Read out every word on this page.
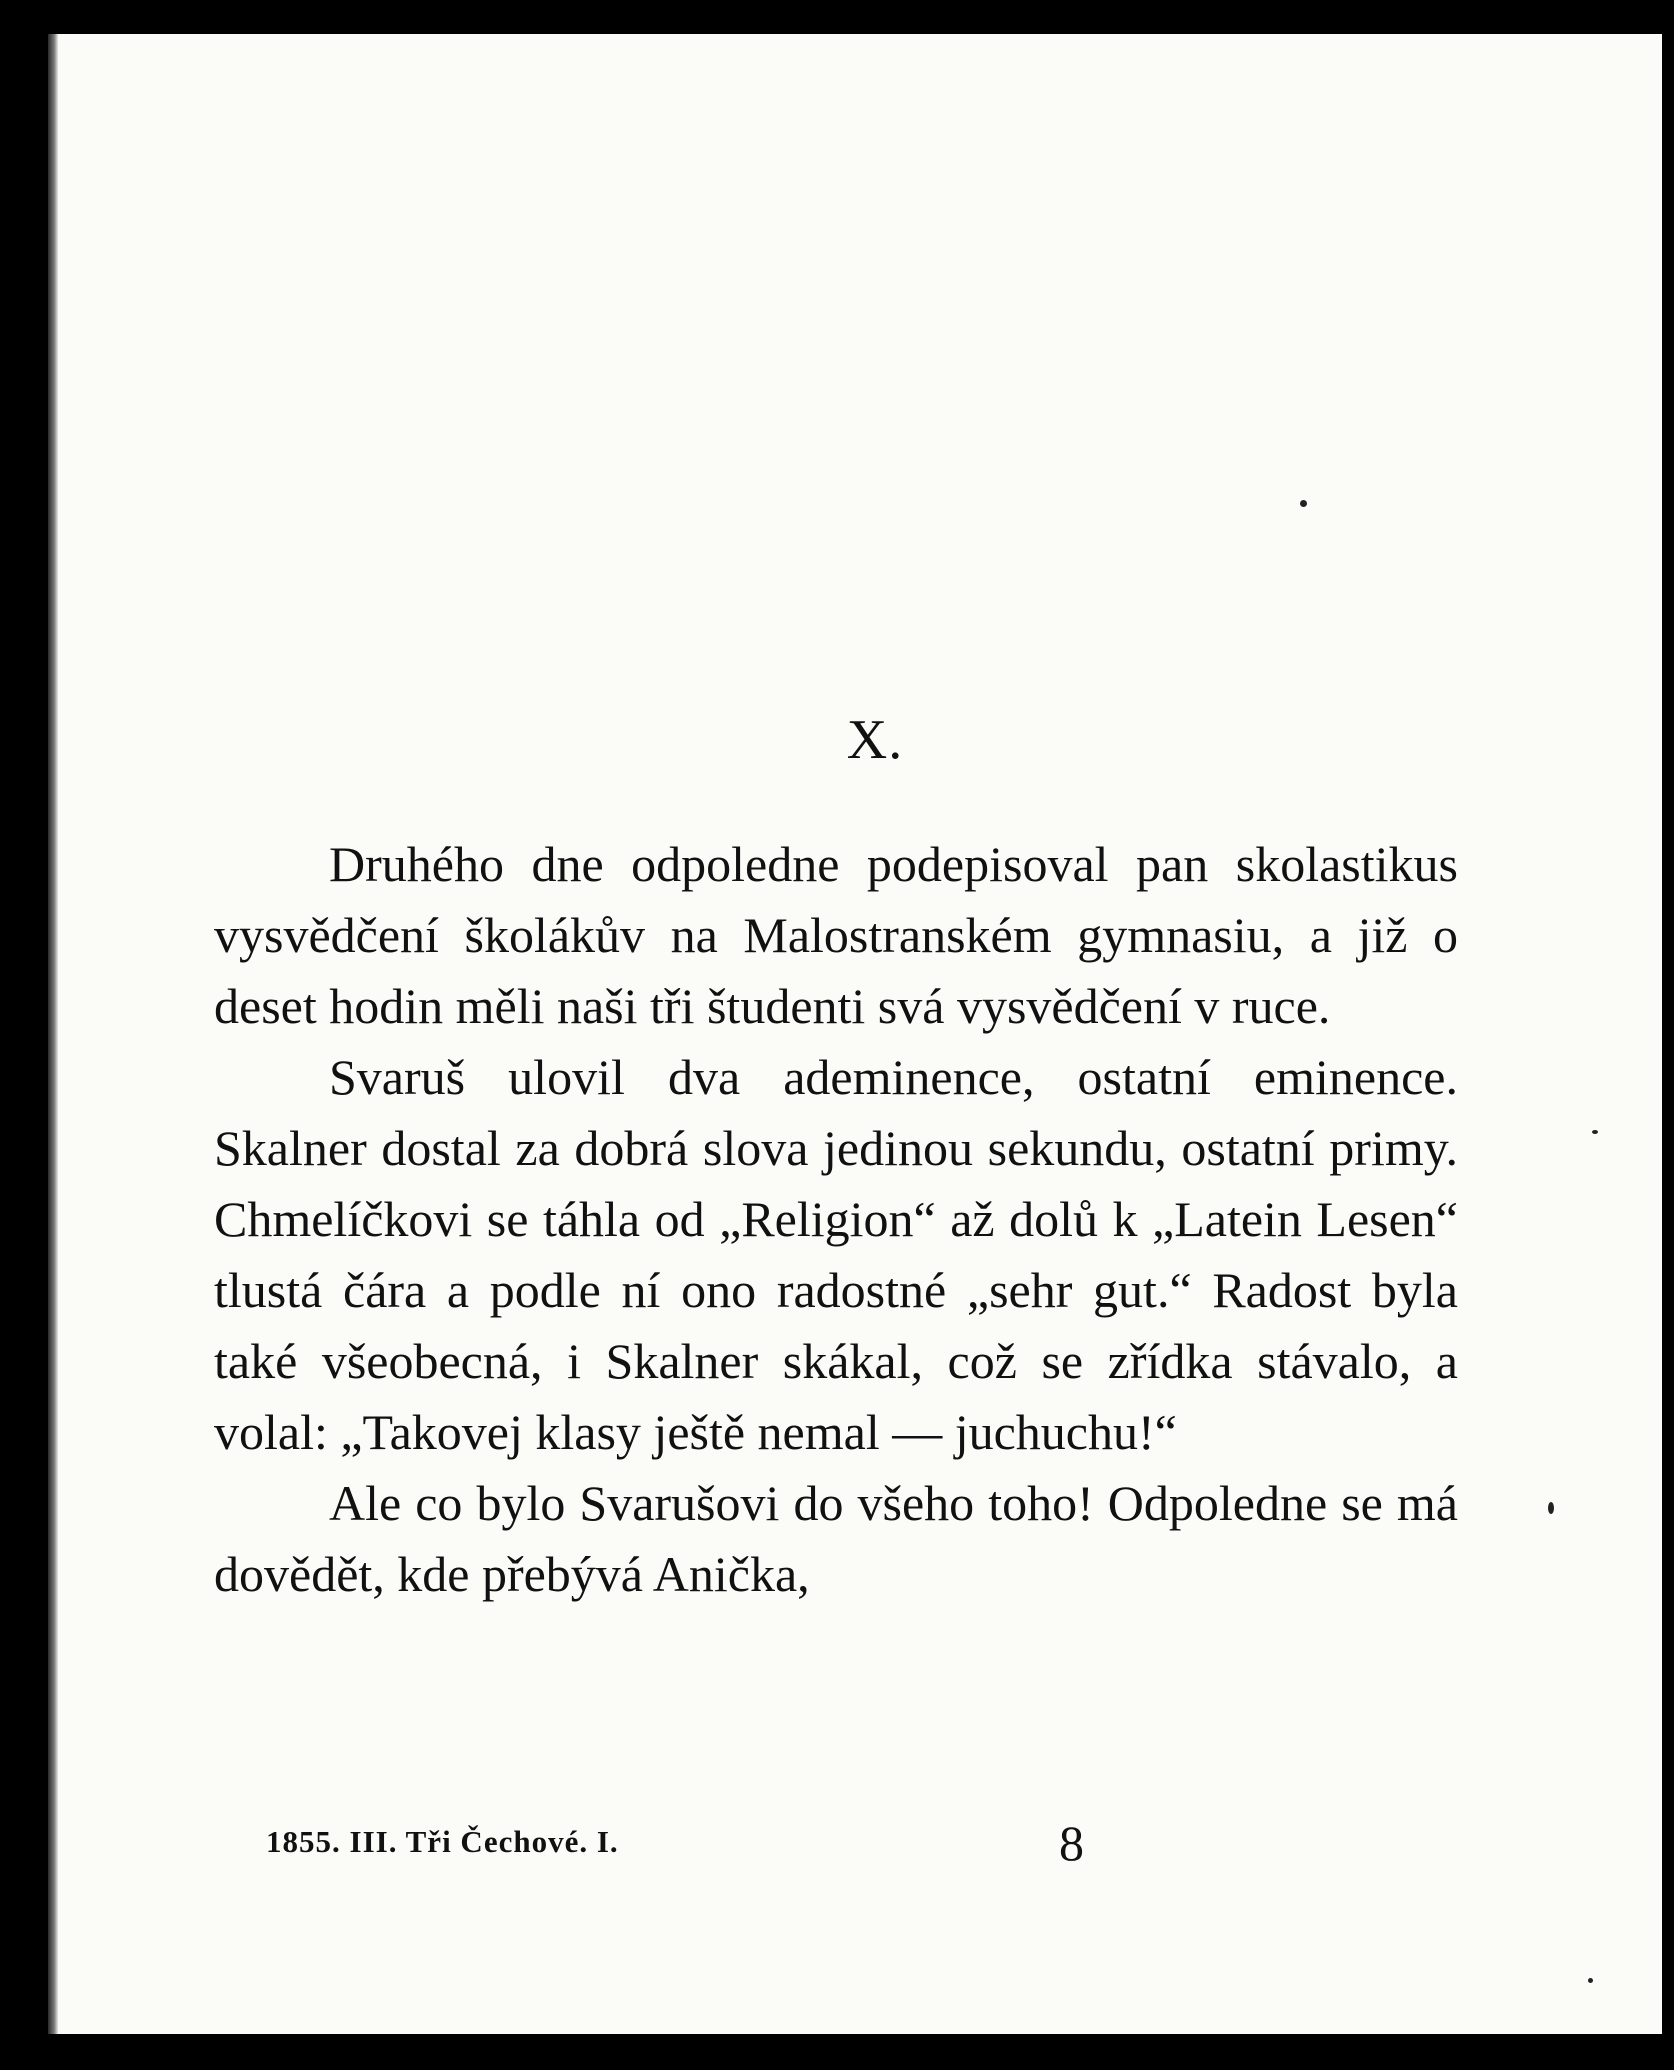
X.

Druhého dne odpoledne podepisoval pan skolastikus vysvědčení školákův na Malostranském gymnasiu, a již o deset hodin měli naši tři študenti svá vysvědčení v ruce.

Svaruš ulovil dva ademinence, ostatní eminence. Skalner dostal za dobrá slova jedinou sekundu, ostatní primy. Chmelíčkovi se táhla od „Religion“ až dolů k „Latein Lesen“ tlustá čára a podle ní ono radostné „sehr gut.“ Radost byla také všeobecná, i Skalner skákal, což se zřídka stávalo, a volal: „Takovej klasy ještě nemal — juchuchu!“

Ale co bylo Svarušovi do všeho toho! Odpoledne se má dovědět, kde přebývá Anička,

1855. III. Tři Čechové. I.	8
